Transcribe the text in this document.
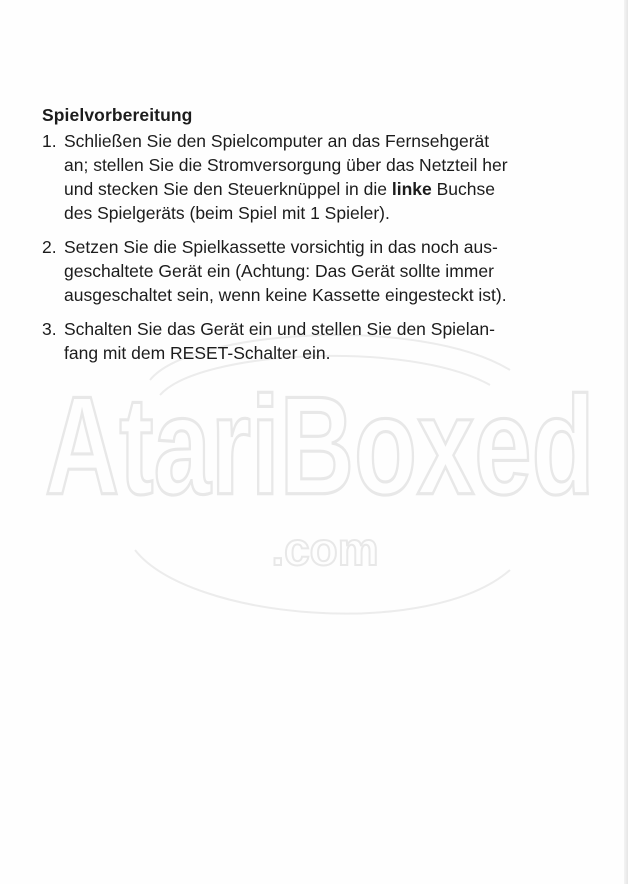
AtariBoxed
.com
Spielvorbereitung
1. Schließen Sie den Spielcomputer an das Fernsehgerät
an; stellen Sie die Stromversorgung über das Netzteil her
und stecken Sie den Steuerknüppel in die linke Buchse
des Spielgeräts (beim Spiel mit 1 Spieler).
2. Setzen Sie die Spielkassette vorsichtig in das noch aus-
geschaltete Gerät ein (Achtung: Das Gerät sollte immer
ausgeschaltet sein, wenn keine Kassette eingesteckt ist).
3. Schalten Sie das Gerät ein und stellen Sie den Spielan-
fang mit dem RESET-Schalter ein.
